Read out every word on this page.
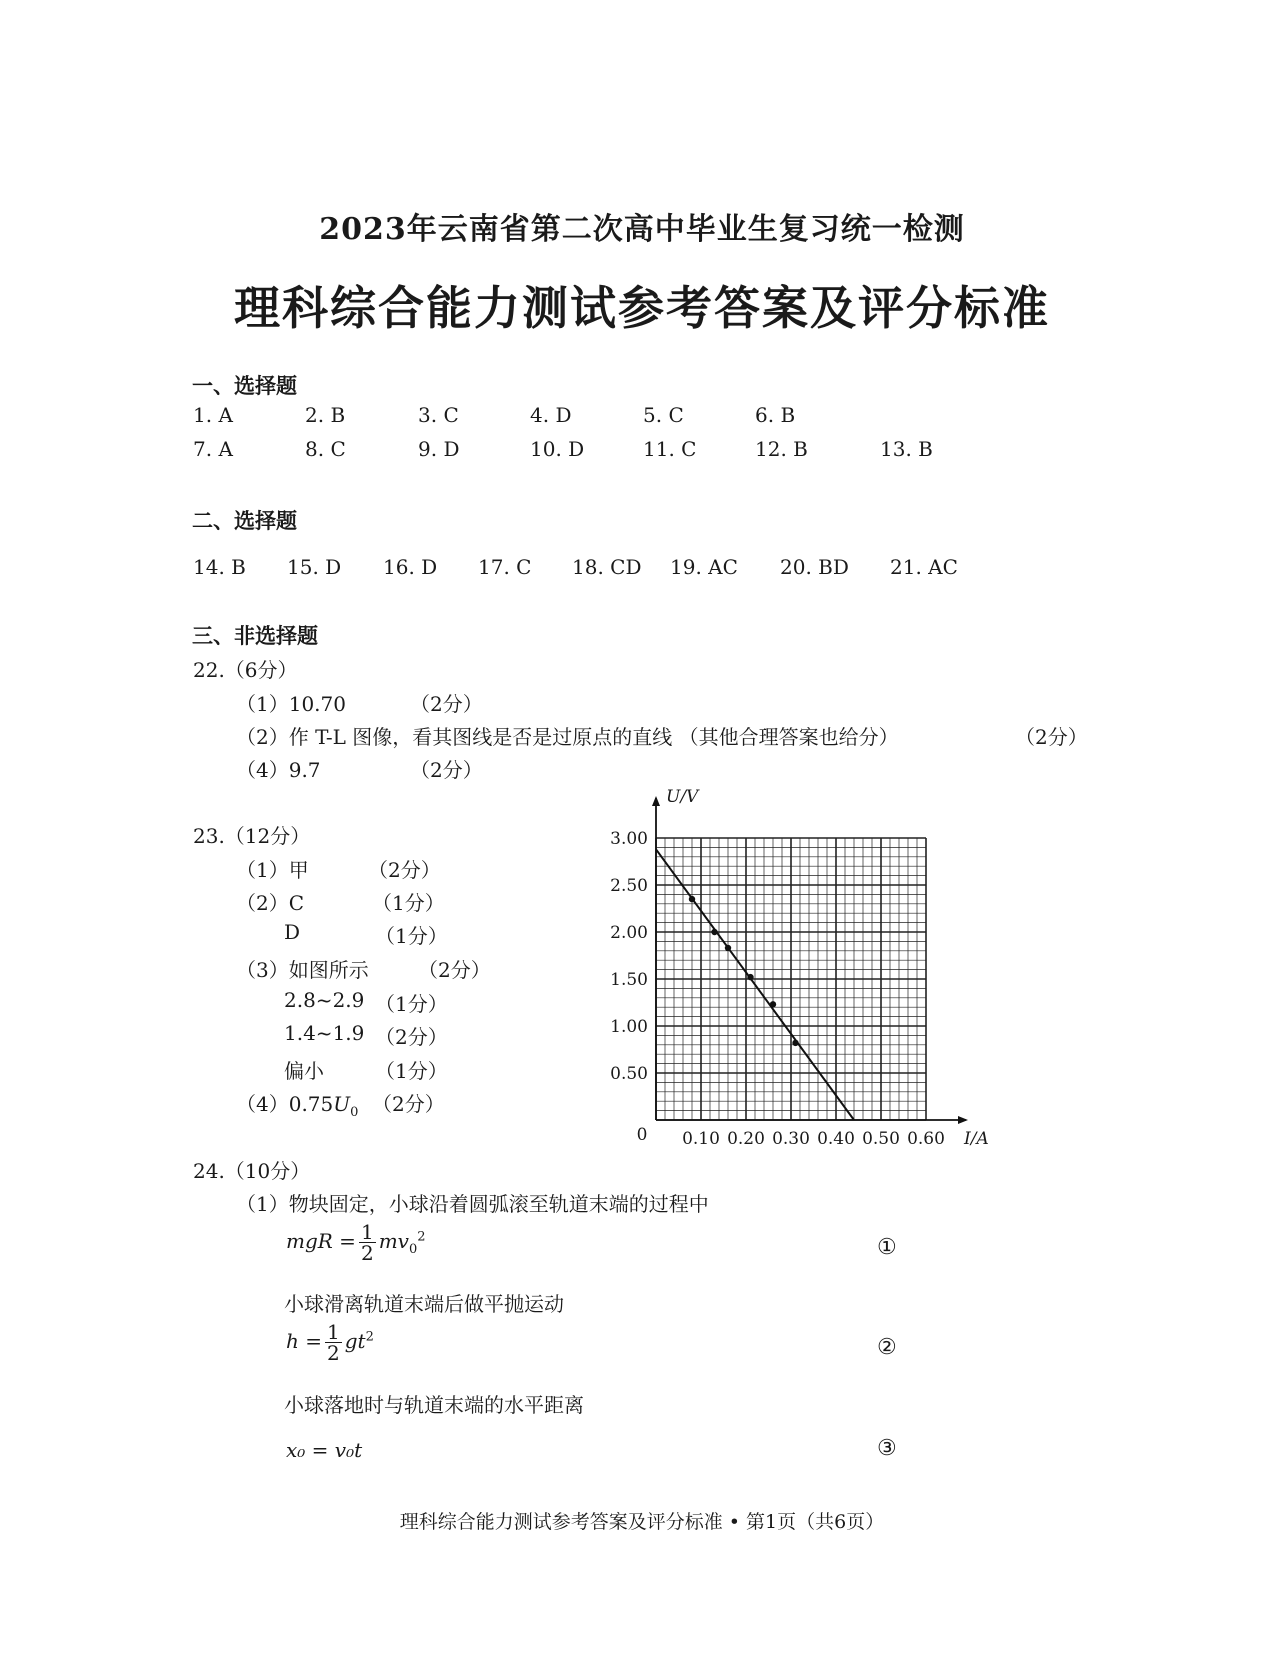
2023年云南省第二次高中毕业生复习统一检测
理科综合能力测试参考答案及评分标准
一、选择题
1. A	2. B	3. C	4. D	5. C	6. B
7. A	8. C	9. D	10. D	11. C	12. B	13. B
二、选择题
14. B 15. D 16. D 17. C 18. CD 19. AC 20. BD 21. AC
三、非选择题
22.（6分）
（1）10.70	（2分）
（2）作 T-L 图像，看其图线是否是过原点的直线 （其他合理答案也给分）	（2分）
（4）9.7	（2分）
23.（12分）
（1）甲	（2分）
（2）C	（1分）
D	（1分）
（3）如图所示 （2分）
2.8~2.9 （1分）
1.4~1.9 （2分）
偏小	（1分）
$(4)0.75U_0$ （2分）
0.10 0.20 0.30 0.40 0.50 0.60
0.50
1.00
1.50
2.00
2.50
3.00
0	I/A
U/V
24.（10分）
（1）物块固定，小球沿着圆弧滚至轨道末端的过程中
mgR = $\frac{1}{2} mv_0^2$	①
小球滑离轨道末端后做平抛运动
$h = \frac{1}{2} gt^2$	②
小球落地时与轨道末端的水平距离
x₀ = v₀t	③
理科综合能力测试参考答案及评分标准 • 第1页（共6页）
